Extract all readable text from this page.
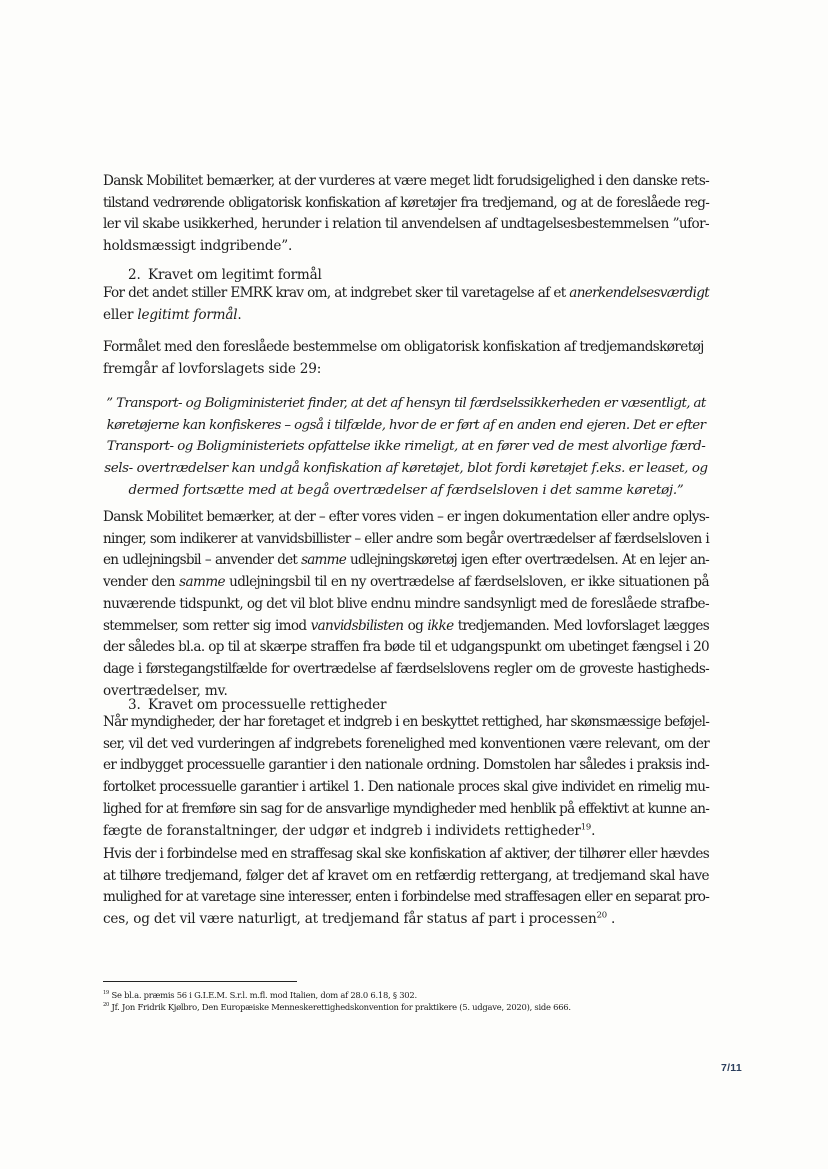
Dansk Mobilitet bemærker, at der vurderes at være meget lidt forudsigelighed i den danske rets-
tilstand vedrørende obligatorisk konfiskation af køretøjer fra tredjemand, og at de foreslåede reg-
ler vil skabe usikkerhed, herunder i relation til anvendelsen af undtagelsesbestemmelsen ”ufor-
holdsmæssigt indgribende”.

2. Kravet om legitimt formål

For det andet stiller EMRK krav om, at indgrebet sker til varetagelse af et anerkendelsesværdigt
eller legitimt formål.

Formålet med den foreslåede bestemmelse om obligatorisk konfiskation af tredjemandskøretøj
fremgår af lovforslagets side 29:

” Transport- og Boligministeriet finder, at det af hensyn til færdselssikkerheden er væsentligt, at
køretøjerne kan konfiskeres – også i tilfælde, hvor de er ført af en anden end ejeren. Det er efter
Transport- og Boligministeriets opfattelse ikke rimeligt, at en fører ved de mest alvorlige færd-
sels- overtrædelser kan undgå konfiskation af køretøjet, blot fordi køretøjet f.eks. er leaset, og
dermed fortsætte med at begå overtrædelser af færdselsloven i det samme køretøj.”

Dansk Mobilitet bemærker, at der – efter vores viden – er ingen dokumentation eller andre oplys-
ninger, som indikerer at vanvidsbillister – eller andre som begår overtrædelser af færdselsloven i
en udlejningsbil – anvender det samme udlejningskøretøj igen efter overtrædelsen. At en lejer an-
vender den samme udlejningsbil til en ny overtrædelse af færdselsloven, er ikke situationen på
nuværende tidspunkt, og det vil blot blive endnu mindre sandsynligt med de foreslåede strafbe-
stemmelser, som retter sig imod vanvidsbilisten og ikke tredjemanden. Med lovforslaget lægges
der således bl.a. op til at skærpe straffen fra bøde til et udgangspunkt om ubetinget fængsel i 20
dage i førstegangstilfælde for overtrædelse af færdselslovens regler om de groveste hastigheds-
overtrædelser, mv.

3. Kravet om processuelle rettigheder

Når myndigheder, der har foretaget et indgreb i en beskyttet rettighed, har skønsmæssige beføjel-
ser, vil det ved vurderingen af indgrebets forenelighed med konventionen være relevant, om der
er indbygget processuelle garantier i den nationale ordning. Domstolen har således i praksis ind-
fortolket processuelle garantier i artikel 1. Den nationale proces skal give individet en rimelig mu-
lighed for at fremføre sin sag for de ansvarlige myndigheder med henblik på effektivt at kunne an-
fægte de foranstaltninger, der udgør et indgreb i individets rettigheder$^{19}$.

Hvis der i forbindelse med en straffesag skal ske konfiskation af aktiver, der tilhører eller hævdes
at tilhøre tredjemand, følger det af kravet om en retfærdig rettergang, at tredjemand skal have
mulighed for at varetage sine interesser, enten i forbindelse med straffesagen eller en separat pro-
ces, og det vil være naturligt, at tredjemand får status af part i processen$^{20}$ .

$^{19}$ Se bl.a. præmis 56 i G.I.E.M. S.r.l. m.fl. mod Italien, dom af 28.0 6.18, § 302.

$^{20}$ Jf. Jon Fridrik Kjølbro, Den Europæiske Menneskerettighedskonvention for praktikere (5. udgave, 2020), side 666.

7/11
